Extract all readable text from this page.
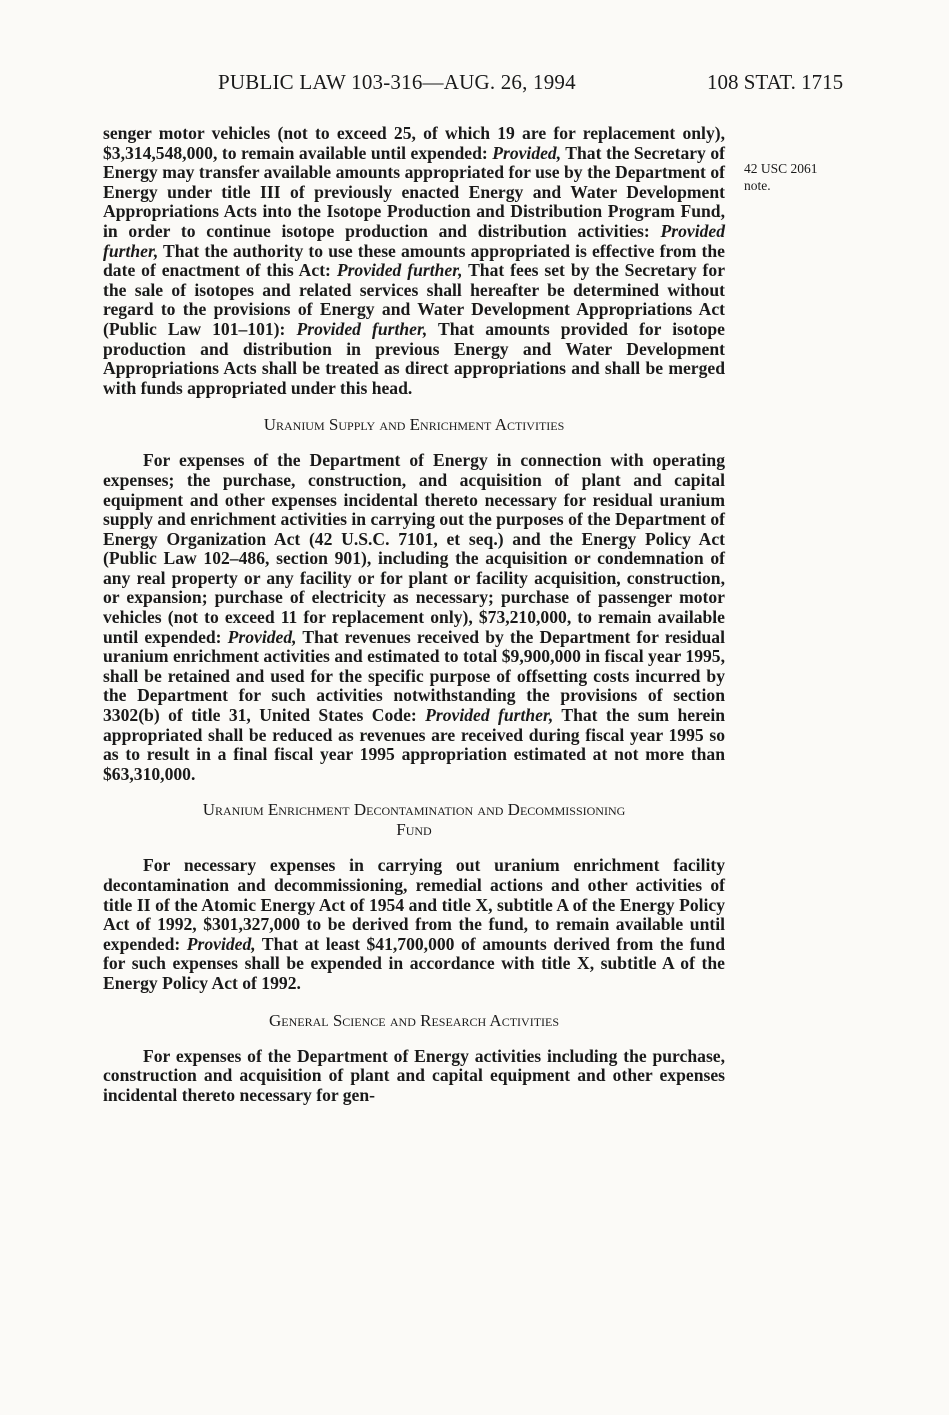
PUBLIC LAW 103-316—AUG. 26, 1994	108 STAT. 1715
42 USC 2061
note.

senger motor vehicles (not to exceed 25, of which 19 are for replacement only), $3,314,548,000, to remain available until expended: Provided, That the Secretary of Energy may transfer available amounts appropriated for use by the Department of Energy under title III of previously enacted Energy and Water Development Appropriations Acts into the Isotope Production and Distribution Program Fund, in order to continue isotope production and distribution activities: Provided further, That the authority to use these amounts appropriated is effective from the date of enactment of this Act: Provided further, That fees set by the Secretary for the sale of isotopes and related services shall hereafter be determined without regard to the provisions of Energy and Water Development Appropriations Act (Public Law 101–101): Provided further, That amounts provided for isotope production and distribution in previous Energy and Water Development Appropriations Acts shall be treated as direct appropriations and shall be merged with funds appropriated under this head.

Uranium Supply and Enrichment Activities

For expenses of the Department of Energy in connection with operating expenses; the purchase, construction, and acquisition of plant and capital equipment and other expenses incidental thereto necessary for residual uranium supply and enrichment activities in carrying out the purposes of the Department of Energy Organization Act (42 U.S.C. 7101, et seq.) and the Energy Policy Act (Public Law 102–486, section 901), including the acquisition or condemnation of any real property or any facility or for plant or facility acquisition, construction, or expansion; purchase of electricity as necessary; purchase of passenger motor vehicles (not to exceed 11 for replacement only), $73,210,000, to remain available until expended: Provided, That revenues received by the Department for residual uranium enrichment activities and estimated to total $9,900,000 in fiscal year 1995, shall be retained and used for the specific purpose of offsetting costs incurred by the Department for such activities notwithstanding the provisions of section 3302(b) of title 31, United States Code: Provided further, That the sum herein appropriated shall be reduced as revenues are received during fiscal year 1995 so as to result in a final fiscal year 1995 appropriation estimated at not more than $63,310,000.

Uranium Enrichment Decontamination and Decommissioning
Fund

For necessary expenses in carrying out uranium enrichment facility decontamination and decommissioning, remedial actions and other activities of title II of the Atomic Energy Act of 1954 and title X, subtitle A of the Energy Policy Act of 1992, $301,327,000 to be derived from the fund, to remain available until expended: Provided, That at least $41,700,000 of amounts derived from the fund for such expenses shall be expended in accordance with title X, subtitle A of the Energy Policy Act of 1992.

General Science and Research Activities

For expenses of the Department of Energy activities including the purchase, construction and acquisition of plant and capital equipment and other expenses incidental thereto necessary for gen-
